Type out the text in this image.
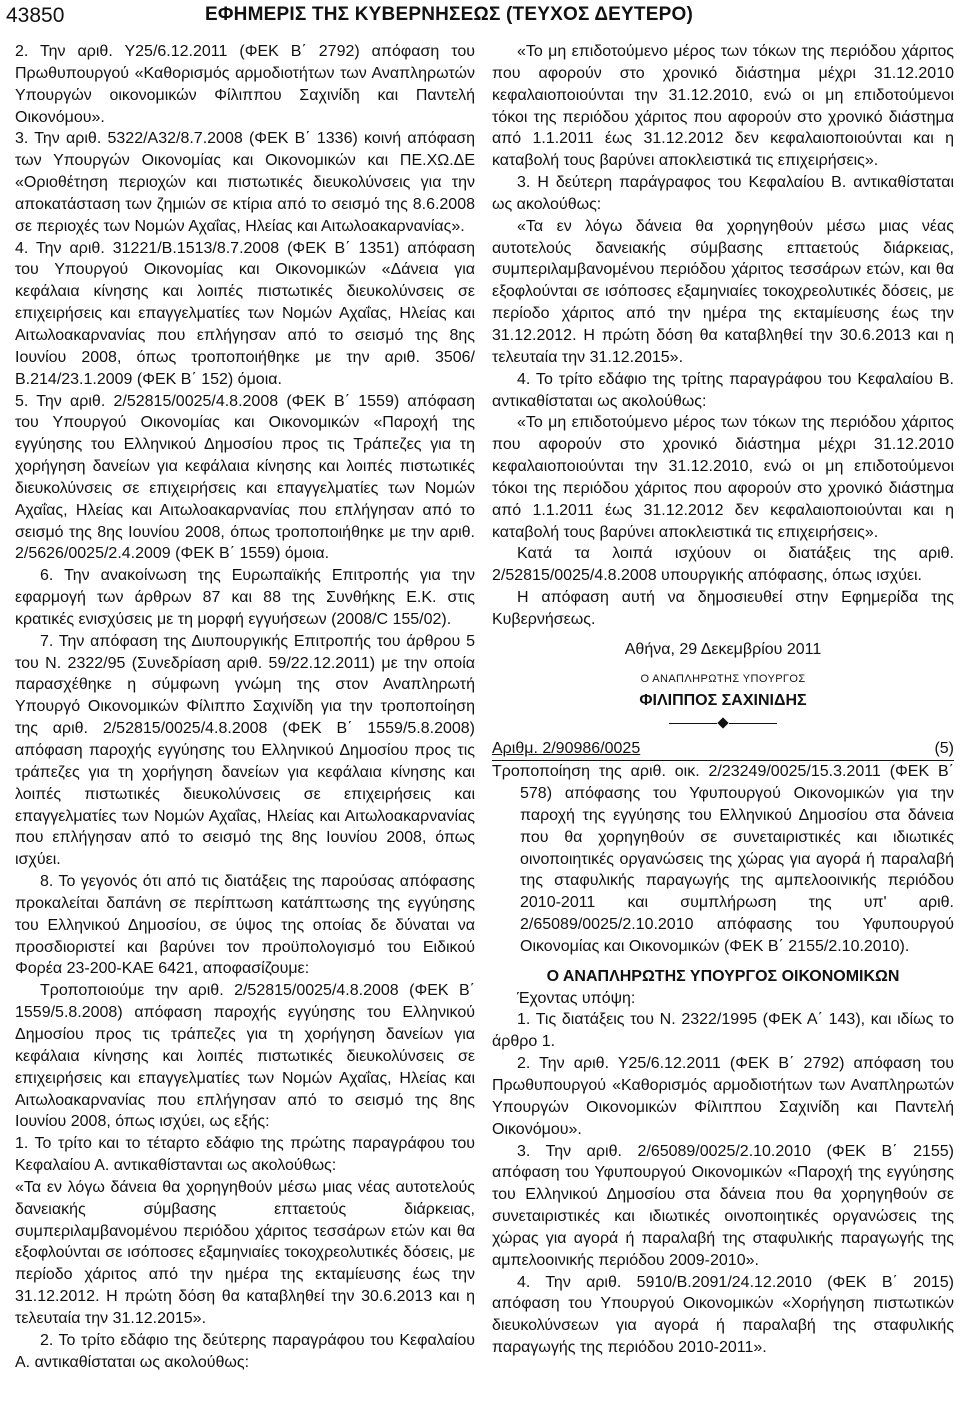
43850	ΕΦΗΜΕΡΙΣ ΤΗΣ ΚΥΒΕΡΝΗΣΕΩΣ (ΤΕΥΧΟΣ ΔΕΥΤΕΡΟ)

2. Την αριθ. Υ25/6.12.2011 (ΦΕΚ Β΄ 2792) απόφαση του Πρωθυπουργού «Καθορισμός αρμοδιοτήτων των Αναπληρωτών Υπουργών οικονομικών Φίλιππου Σαχινίδη και Παντελή Οικονόμου».

3. Την αριθ. 5322/Α32/8.7.2008 (ΦΕΚ Β΄ 1336) κοινή απόφαση των Υπουργών Οικονομίας και Οικονομικών και ΠΕ.ΧΩ.ΔΕ «Οριοθέτηση περιοχών και πιστωτικές διευκολύνσεις για την αποκατάσταση των ζημιών σε κτίρια από το σεισμό της 8.6.2008 σε περιοχές των Νομών Αχαΐας, Ηλείας και Αιτωλοακαρνανίας».

4. Την αριθ. 31221/Β.1513/8.7.2008 (ΦΕΚ Β΄ 1351) απόφαση του Υπουργού Οικονομίας και Οικονομικών «Δάνεια για κεφάλαια κίνησης και λοιπές πιστωτικές διευκολύνσεις σε επιχειρήσεις και επαγγελματίες των Νομών Αχαΐας, Ηλείας και Αιτωλοακαρνανίας που επλήγησαν από το σεισμό της 8ης Ιουνίου 2008, όπως τροποποιήθηκε με την αριθ. 3506/Β.214/23.1.2009 (ΦΕΚ Β΄ 152) όμοια.

5. Την αριθ. 2/52815/0025/4.8.2008 (ΦΕΚ Β΄ 1559) απόφαση του Υπουργού Οικονομίας και Οικονομικών «Παροχή της εγγύησης του Ελληνικού Δημοσίου προς τις Τράπεζες για τη χορήγηση δανείων για κεφάλαια κίνησης και λοιπές πιστωτικές διευκολύνσεις σε επιχειρήσεις και επαγγελματίες των Νομών Αχαΐας, Ηλείας και Αιτωλοακαρνανίας που επλήγησαν από το σεισμό της 8ης Ιουνίου 2008, όπως τροποποιήθηκε με την αριθ. 2/5626/0025/2.4.2009 (ΦΕΚ Β΄ 1559) όμοια.

6. Την ανακοίνωση της Ευρωπαϊκής Επιτροπής για την εφαρμογή των άρθρων 87 και 88 της Συνθήκης Ε.Κ. στις κρατικές ενισχύσεις με τη μορφή εγγυήσεων (2008/C 155/02).

7. Την απόφαση της Διυπουργικής Επιτροπής του άρθρου 5 του Ν. 2322/95 (Συνεδρίαση αριθ. 59/22.12.2011) με την οποία παρασχέθηκε η σύμφωνη γνώμη της στον Αναπληρωτή Υπουργό Οικονομικών Φίλιππο Σαχινίδη για την τροποποίηση της αριθ. 2/52815/0025/4.8.2008 (ΦΕΚ Β΄ 1559/5.8.2008) απόφαση παροχής εγγύησης του Ελληνικού Δημοσίου προς τις τράπεζες για τη χορήγηση δανείων για κεφάλαια κίνησης και λοιπές πιστωτικές διευκολύνσεις σε επιχειρήσεις και επαγγελματίες των Νομών Αχαΐας, Ηλείας και Αιτωλοακαρνανίας που επλήγησαν από το σεισμό της 8ης Ιουνίου 2008, όπως ισχύει.

8. Το γεγονός ότι από τις διατάξεις της παρούσας απόφασης προκαλείται δαπάνη σε περίπτωση κατάπτωσης της εγγύησης του Ελληνικού Δημοσίου, σε ύψος της οποίας δε δύναται να προσδιοριστεί και βαρύνει τον προϋπολογισμό του Ειδικού Φορέα 23-200-ΚΑΕ 6421, αποφασίζουμε:

Τροποποιούμε την αριθ. 2/52815/0025/4.8.2008 (ΦΕΚ Β΄ 1559/5.8.2008) απόφαση παροχής εγγύησης του Ελληνικού Δημοσίου προς τις τράπεζες για τη χορήγηση δανείων για κεφάλαια κίνησης και λοιπές πιστωτικές διευκολύνσεις σε επιχειρήσεις και επαγγελματίες των Νομών Αχαΐας, Ηλείας και Αιτωλοακαρνανίας που επλήγησαν από το σεισμό της 8ης Ιουνίου 2008, όπως ισχύει, ως εξής:

1. Το τρίτο και το τέταρτο εδάφιο της πρώτης παραγράφου του Κεφαλαίου Α. αντικαθίστανται ως ακολούθως:

«Τα εν λόγω δάνεια θα χορηγηθούν μέσω μιας νέας αυτοτελούς δανειακής σύμβασης επταετούς διάρκειας, συμπεριλαμβανομένου περιόδου χάριτος τεσσάρων ετών και θα εξοφλούνται σε ισόποσες εξαμηνιαίες τοκοχρεολυτικές δόσεις, με περίοδο χάριτος από την ημέρα της εκταμίευσης έως την 31.12.2012. Η πρώτη δόση θα καταβληθεί την 30.6.2013 και η τελευταία την 31.12.2015».

2. Το τρίτο εδάφιο της δεύτερης παραγράφου του Κεφαλαίου Α. αντικαθίσταται ως ακολούθως:

«Το μη επιδοτούμενο μέρος των τόκων της περιόδου χάριτος που αφορούν στο χρονικό διάστημα μέχρι 31.12.2010 κεφαλαιοποιούνται την 31.12.2010, ενώ οι μη επιδοτούμενοι τόκοι της περιόδου χάριτος που αφορούν στο χρονικό διάστημα από 1.1.2011 έως 31.12.2012 δεν κεφαλαιοποιούνται και η καταβολή τους βαρύνει αποκλειστικά τις επιχειρήσεις».

3. Η δεύτερη παράγραφος του Κεφαλαίου Β. αντικαθίσταται ως ακολούθως:

«Τα εν λόγω δάνεια θα χορηγηθούν μέσω μιας νέας αυτοτελούς δανειακής σύμβασης επταετούς διάρκειας, συμπεριλαμβανομένου περιόδου χάριτος τεσσάρων ετών, και θα εξοφλούνται σε ισόποσες εξαμηνιαίες τοκοχρεολυτικές δόσεις, με περίοδο χάριτος από την ημέρα της εκταμίευσης έως την 31.12.2012. Η πρώτη δόση θα καταβληθεί την 30.6.2013 και η τελευταία την 31.12.2015».

4. Το τρίτο εδάφιο της τρίτης παραγράφου του Κεφαλαίου Β. αντικαθίσταται ως ακολούθως:

«Το μη επιδοτούμενο μέρος των τόκων της περιόδου χάριτος που αφορούν στο χρονικό διάστημα μέχρι 31.12.2010 κεφαλαιοποιούνται την 31.12.2010, ενώ οι μη επιδοτούμενοι τόκοι της περιόδου χάριτος που αφορούν στο χρονικό διάστημα από 1.1.2011 έως 31.12.2012 δεν κεφαλαιοποιούνται και η καταβολή τους βαρύνει αποκλειστικά τις επιχειρήσεις».

Κατά τα λοιπά ισχύουν οι διατάξεις της αριθ. 2/52815/0025/4.8.2008 υπουργικής απόφασης, όπως ισχύει.

Η απόφαση αυτή να δημοσιευθεί στην Εφημερίδα της Κυβερνήσεως.

Αθήνα, 29 Δεκεμβρίου 2011

Ο ΑΝΑΠΛΗΡΩΤΗΣ ΥΠΟΥΡΓΟΣ

ΦΙΛΙΠΠΟΣ ΣΑΧΙΝΙΔΗΣ

Αριθμ. 2/90986/0025	(5)

Τροποποίηση της αριθ. οικ. 2/23249/0025/15.3.2011 (ΦΕΚ Β΄ 578) απόφασης του Υφυπουργού Οικονομικών για την παροχή της εγγύησης του Ελληνικού Δημοσίου στα δάνεια που θα χορηγηθούν σε συνεταιριστικές και ιδιωτικές οινοποιητικές οργανώσεις της χώρας για αγορά ή παραλαβή της σταφυλικής παραγωγής της αμπελοοινικής περιόδου 2010-2011 και συμπλήρωση της υπ' αριθ. 2/65089/0025/2.10.2010 απόφασης του Υφυπουργού Οικονομίας και Οικονομικών (ΦΕΚ Β΄ 2155/2.10.2010).

Ο ΑΝΑΠΛΗΡΩΤΗΣ ΥΠΟΥΡΓΟΣ ΟΙΚΟΝΟΜΙΚΩΝ

Έχοντας υπόψη:

1. Τις διατάξεις του Ν. 2322/1995 (ΦΕΚ Α΄ 143), και ιδίως το άρθρο 1.

2. Την αριθ. Υ25/6.12.2011 (ΦΕΚ Β΄ 2792) απόφαση του Πρωθυπουργού «Καθορισμός αρμοδιοτήτων των Αναπληρωτών Υπουργών Οικονομικών Φίλιππου Σαχινίδη και Παντελή Οικονόμου».

3. Την αριθ. 2/65089/0025/2.10.2010 (ΦΕΚ Β΄ 2155) απόφαση του Υφυπουργού Οικονομικών «Παροχή της εγγύησης του Ελληνικού Δημοσίου στα δάνεια που θα χορηγηθούν σε συνεταιριστικές και ιδιωτικές οινοποιητικές οργανώσεις της χώρας για αγορά ή παραλαβή της σταφυλικής παραγωγής της αμπελοοινικής περιόδου 2009-2010».

4. Την αριθ. 5910/Β.2091/24.12.2010 (ΦΕΚ Β΄ 2015) απόφαση του Υπουργού Οικονομικών «Χορήγηση πιστωτικών διευκολύνσεων για αγορά ή παραλαβή της σταφυλικής παραγωγής της περιόδου 2010-2011».
